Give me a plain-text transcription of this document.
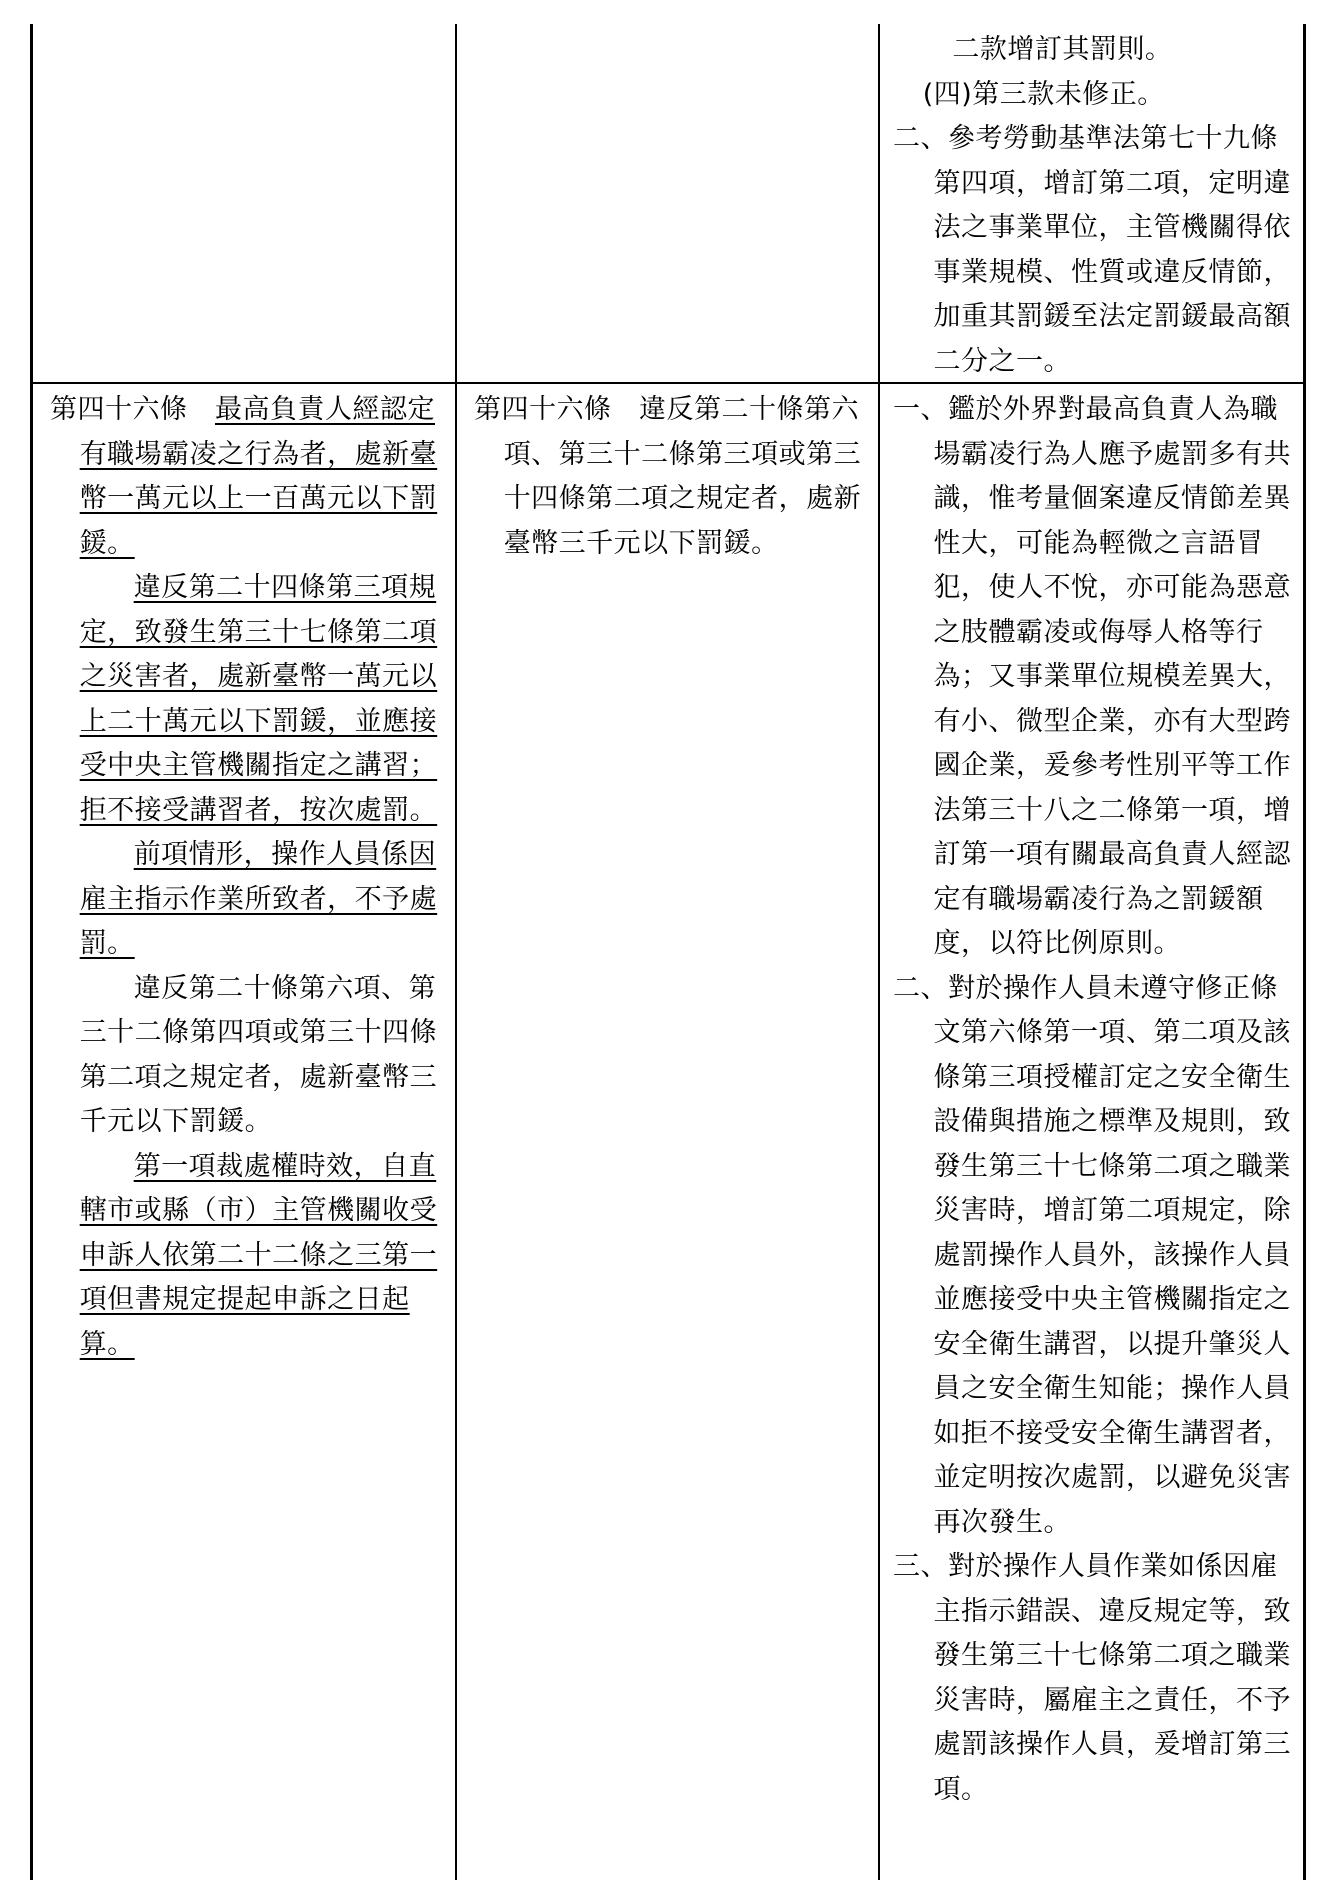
二款增訂其罰則。

(四)第三款未修正。

二、參考勞動基準法第七十九條第四項，增訂第二項，定明違法之事業單位，主管機關得依事業規模、性質或違反情節，加重其罰鍰至法定罰鍰最高額二分之一。

第四十六條  最高負責人經認定有職場霸凌之行為者，處新臺幣一萬元以上一百萬元以下罰鍰。

違反第二十四條第三項規定，致發生第三十七條第二項之災害者，處新臺幣一萬元以上二十萬元以下罰鍰，並應接受中央主管機關指定之講習；拒不接受講習者，按次處罰。

前項情形，操作人員係因雇主指示作業所致者，不予處罰。

違反第二十條第六項、第三十二條第四項或第三十四條第二項之規定者，處新臺幣三千元以下罰鍰。

第一項裁處權時效，自直轄市或縣（市）主管機關收受申訴人依第二十二條之三第一項但書規定提起申訴之日起算。

第四十六條  違反第二十條第六項、第三十二條第三項或第三十四條第二項之規定者，處新臺幣三千元以下罰鍰。

一、鑑於外界對最高負責人為職場霸凌行為人應予處罰多有共識，惟考量個案違反情節差異性大，可能為輕微之言語冒犯，使人不悅，亦可能為惡意之肢體霸凌或侮辱人格等行為；又事業單位規模差異大，有小、微型企業，亦有大型跨國企業，爰參考性別平等工作法第三十八之二條第一項，增訂第一項有關最高負責人經認定有職場霸凌行為之罰鍰額度，以符比例原則。

二、對於操作人員未遵守修正條文第六條第一項、第二項及該條第三項授權訂定之安全衛生設備與措施之標準及規則，致發生第三十七條第二項之職業災害時，增訂第二項規定，除處罰操作人員外，該操作人員並應接受中央主管機關指定之安全衛生講習，以提升肇災人員之安全衛生知能；操作人員如拒不接受安全衛生講習者，並定明按次處罰，以避免災害再次發生。

三、對於操作人員作業如係因雇主指示錯誤、違反規定等，致發生第三十七條第二項之職業災害時，屬雇主之責任，不予處罰該操作人員，爰增訂第三項。
